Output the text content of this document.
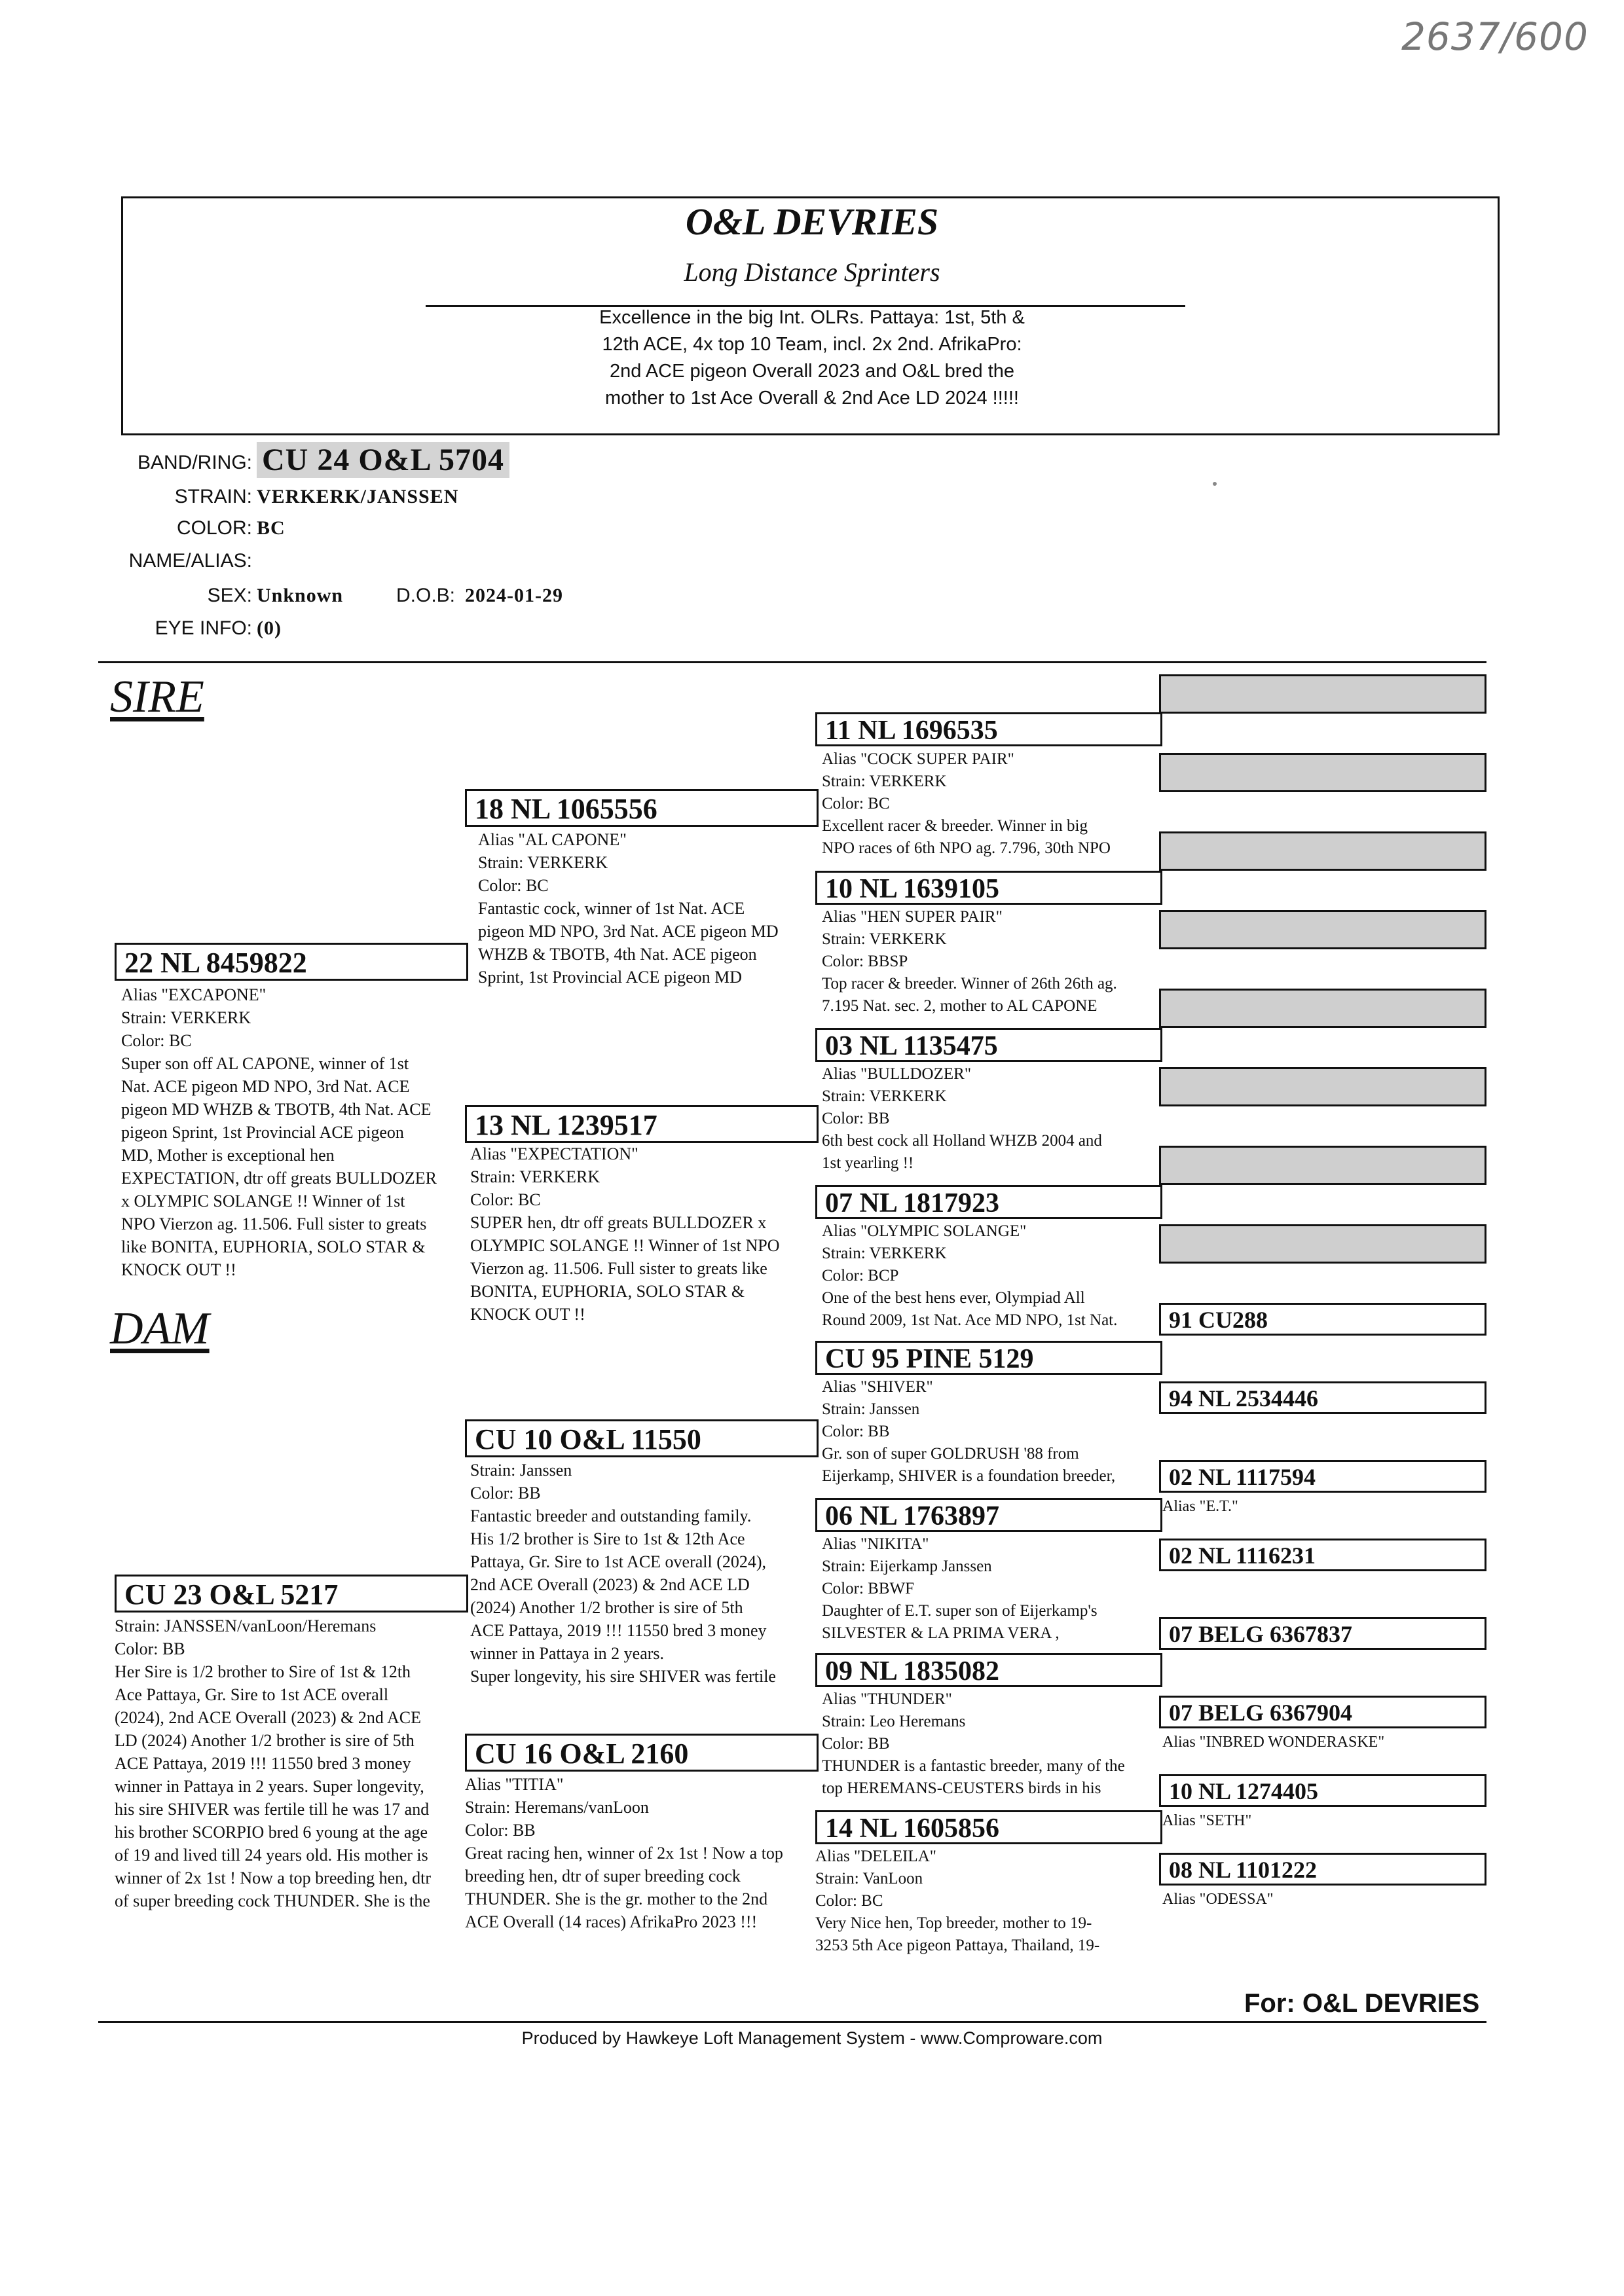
2637/600
O&L DEVRIES
Long Distance Sprinters
Excellence in the big Int. OLRs. Pattaya: 1st, 5th & 12th ACE, 4x top 10 Team, incl. 2x 2nd. AfrikaPro: 2nd ACE pigeon Overall 2023 and O&L bred the mother to 1st Ace Overall & 2nd Ace LD 2024 !!!!!
BAND/RING: CU 24 O&L 5704
STRAIN: VERKERK/JANSSEN
COLOR: BC
NAME/ALIAS:
SEX: Unknown	D.O.B: 2024-01-29
EYE INFO: (0)
SIRE
DAM
22 NL 8459822
Alias "EXCAPONE"
Strain: VERKERK
Color: BC
Super son off AL CAPONE, winner of 1st
Nat. ACE pigeon MD NPO, 3rd Nat. ACE
pigeon MD WHZB & TBOTB, 4th Nat. ACE
pigeon Sprint, 1st Provincial ACE pigeon
MD, Mother is exceptional hen
EXPECTATION, dtr off greats BULLDOZER
x OLYMPIC SOLANGE !! Winner of 1st
NPO Vierzon ag. 11.506. Full sister to greats
like BONITA, EUPHORIA, SOLO STAR &
KNOCK OUT !!
CU 23 O&L 5217
Strain: JANSSEN/vanLoon/Heremans
Color: BB
Her Sire is 1/2 brother to Sire of 1st & 12th
Ace Pattaya, Gr. Sire to 1st ACE overall
(2024), 2nd ACE Overall (2023) & 2nd ACE
LD (2024) Another 1/2 brother is sire of 5th
ACE Pattaya, 2019 !!! 11550 bred 3 money
winner in Pattaya in 2 years. Super longevity,
his sire SHIVER was fertile till he was 17 and
his brother SCORPIO bred 6 young at the age
of 19 and lived till 24 years old. His mother is
winner of 2x 1st ! Now a top breeding hen, dtr
of super breeding cock THUNDER. She is the
18 NL 1065556
Alias "AL CAPONE"
Strain: VERKERK
Color: BC
Fantastic cock, winner of 1st Nat. ACE
pigeon MD NPO, 3rd Nat. ACE pigeon MD
WHZB & TBOTB, 4th Nat. ACE pigeon
Sprint, 1st Provincial ACE pigeon MD
13 NL 1239517
Alias "EXPECTATION"
Strain: VERKERK
Color: BC
SUPER hen, dtr off greats BULLDOZER x
OLYMPIC SOLANGE !! Winner of 1st NPO
Vierzon ag. 11.506. Full sister to greats like
BONITA, EUPHORIA, SOLO STAR &
KNOCK OUT !!
CU 10 O&L 11550
Strain: Janssen
Color: BB
Fantastic breeder and outstanding family.
His 1/2 brother is Sire to 1st & 12th Ace
Pattaya, Gr. Sire to 1st ACE overall (2024),
2nd ACE Overall (2023) & 2nd ACE LD
(2024) Another 1/2 brother is sire of 5th
ACE Pattaya, 2019 !!! 11550 bred 3 money
winner in Pattaya in 2 years.
Super longevity, his sire SHIVER was fertile
CU 16 O&L 2160
Alias "TITIA"
Strain: Heremans/vanLoon
Color: BB
Great racing hen, winner of 2x 1st ! Now a top
breeding hen, dtr of super breeding cock
THUNDER. She is the gr. mother to the 2nd
ACE Overall (14 races) AfrikaPro 2023 !!!
11 NL 1696535
Alias "COCK SUPER PAIR"
Strain: VERKERK
Color: BC
Excellent racer & breeder. Winner in big
NPO races of 6th NPO ag. 7.796, 30th NPO
10 NL 1639105
Alias "HEN SUPER PAIR"
Strain: VERKERK
Color: BBSP
Top racer & breeder. Winner of 26th 26th ag.
7.195 Nat. sec. 2, mother to AL CAPONE
03 NL 1135475
Alias "BULLDOZER"
Strain: VERKERK
Color: BB
6th best cock all Holland WHZB 2004 and
1st yearling !!
07 NL 1817923
Alias "OLYMPIC SOLANGE"
Strain: VERKERK
Color: BCP
One of the best hens ever, Olympiad All
Round 2009, 1st Nat. Ace MD NPO, 1st Nat.
CU 95 PINE 5129
Alias "SHIVER"
Strain: Janssen
Color: BB
Gr. son of super GOLDRUSH '88 from
Eijerkamp, SHIVER is a foundation breeder,
06 NL 1763897
Alias "NIKITA"
Strain: Eijerkamp Janssen
Color: BBWF
Daughter of E.T. super son of Eijerkamp's
SILVESTER & LA PRIMA VERA ,
09 NL 1835082
Alias "THUNDER"
Strain: Leo Heremans
Color: BB
THUNDER is a fantastic breeder, many of the
top HEREMANS-CEUSTERS birds in his
14 NL 1605856
Alias "DELEILA"
Strain: VanLoon
Color: BC
Very Nice hen, Top breeder, mother to 19-
3253 5th Ace pigeon Pattaya, Thailand, 19-
91 CU288
94 NL 2534446
02 NL 1117594
Alias "E.T."
02 NL 1116231
07 BELG 6367837
07 BELG 6367904
Alias "INBRED WONDERASKE"
10 NL 1274405
Alias "SETH"
08 NL 1101222
Alias "ODESSA"
For: O&L DEVRIES
Produced by Hawkeye Loft Management System - www.Comproware.com
